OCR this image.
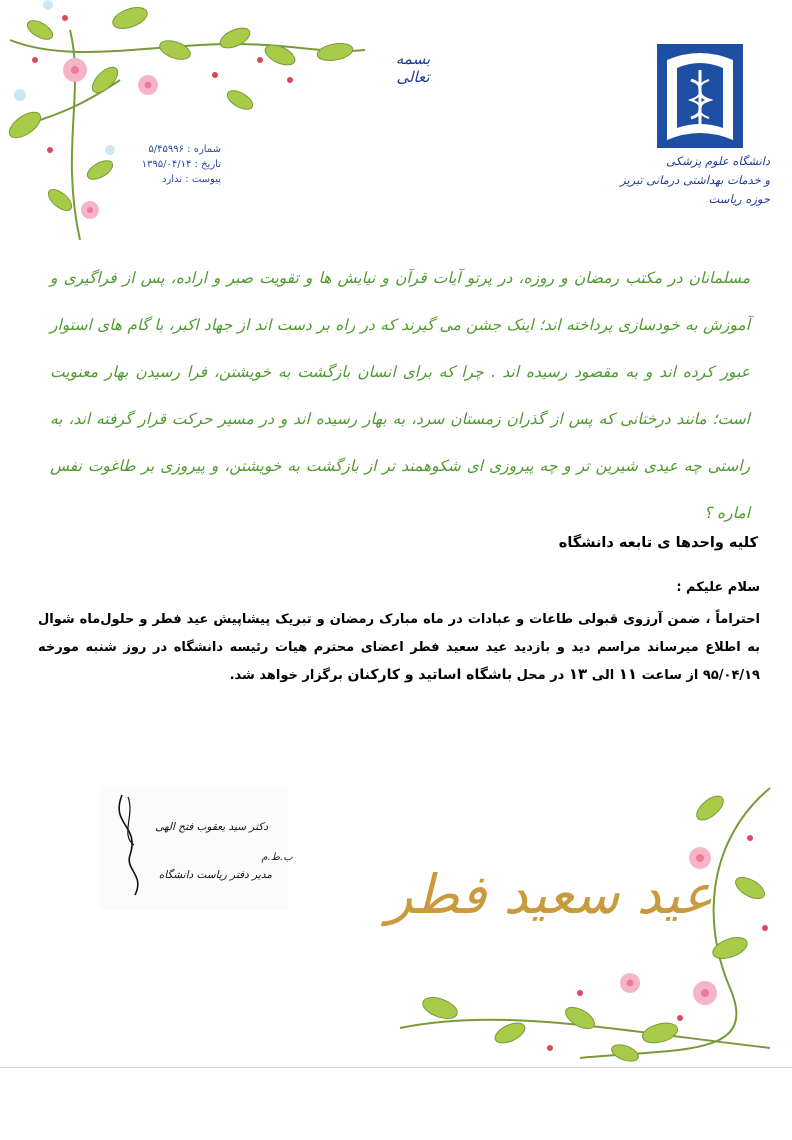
بسمه تعالی
شماره : ۵/۴۵۹۹۶
تاریخ : ۱۳۹۵/۰۴/۱۴
پیوست : ندارد
دانشگاه علوم پزشکی
و خدمات بهداشتی درمانی تبریز
حوزه ریاست
مسلمانان در مکتب رمضان و روزه، در پرتو آیات قرآن و نیایش ها و تقویت صبر و اراده، پس از فراگیری و آموزش به خودسازی پرداخته اند؛ اینک جشن می گیرند که در راه بر دست اند از جهاد اکبر، با گام های استوار عبور کرده اند و به مقصود رسیده اند . چرا که برای انسان بازگشت به خویشتن، فرا رسیدن بهار معنویت است؛ مانند درختانی که پس از گذران زمستان سرد، به بهار رسیده اند و در مسیر حرکت قرار گرفته اند، به راستی چه عیدی شیرین تر و چه پیروزی ای شکوهمند تر از بازگشت به خویشتن، و پیروزی بر طاغوت نفس اماره ؟
کلیه واحدها ی تابعه دانشگاه
سلام علیکم :
احتراماً ، ضمن آرزوی قبولی طاعات و عبادات در ماه مبارک رمضان و تبریک پیشاپیش عید فطر و حلول‌ماه شوال به اطلاع میرساند مراسم دید و بازدید عید سعید فطر اعضای محترم هیات رئیسه دانشگاه در روز شنبه مورخه ۹۵/۰۴/۱۹ از ساعت ۱۱ الی ۱۳ در محل باشگاه اساتید و کارکنان برگزار خواهد شد.
دکتر سید یعقوب فتح الهی
مدیر دفتر ریاست دانشگاه
ب.ط.م
عید سعید فطر
